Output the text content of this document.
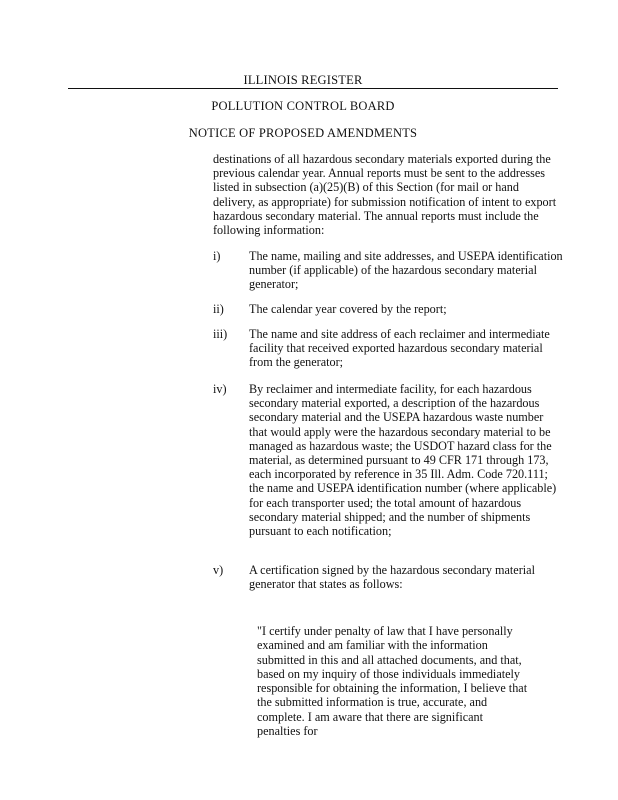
ILLINOIS REGISTER
POLLUTION CONTROL BOARD
NOTICE OF PROPOSED AMENDMENTS
destinations of all hazardous secondary materials exported during the previous calendar year. Annual reports must be sent to the addresses listed in subsection (a)(25)(B) of this Section (for mail or hand delivery, as appropriate) for submission notification of intent to export hazardous secondary material. The annual reports must include the following information:
i)	The name, mailing and site addresses, and USEPA identification number (if applicable) of the hazardous secondary material generator;
ii)	The calendar year covered by the report;
iii)	The name and site address of each reclaimer and intermediate facility that received exported hazardous secondary material from the generator;
iv)	By reclaimer and intermediate facility, for each hazardous secondary material exported, a description of the hazardous secondary material and the USEPA hazardous waste number that would apply were the hazardous secondary material to be managed as hazardous waste; the USDOT hazard class for the material, as determined pursuant to 49 CFR 171 through 173, each incorporated by reference in 35 Ill. Adm. Code 720.111; the name and USEPA identification number (where applicable) for each transporter used; the total amount of hazardous secondary material shipped; and the number of shipments pursuant to each notification;
v)	A certification signed by the hazardous secondary material generator that states as follows:
"I certify under penalty of law that I have personally examined and am familiar with the information submitted in this and all attached documents, and that, based on my inquiry of those individuals immediately responsible for obtaining the information, I believe that the submitted information is true, accurate, and complete. I am aware that there are significant penalties for
